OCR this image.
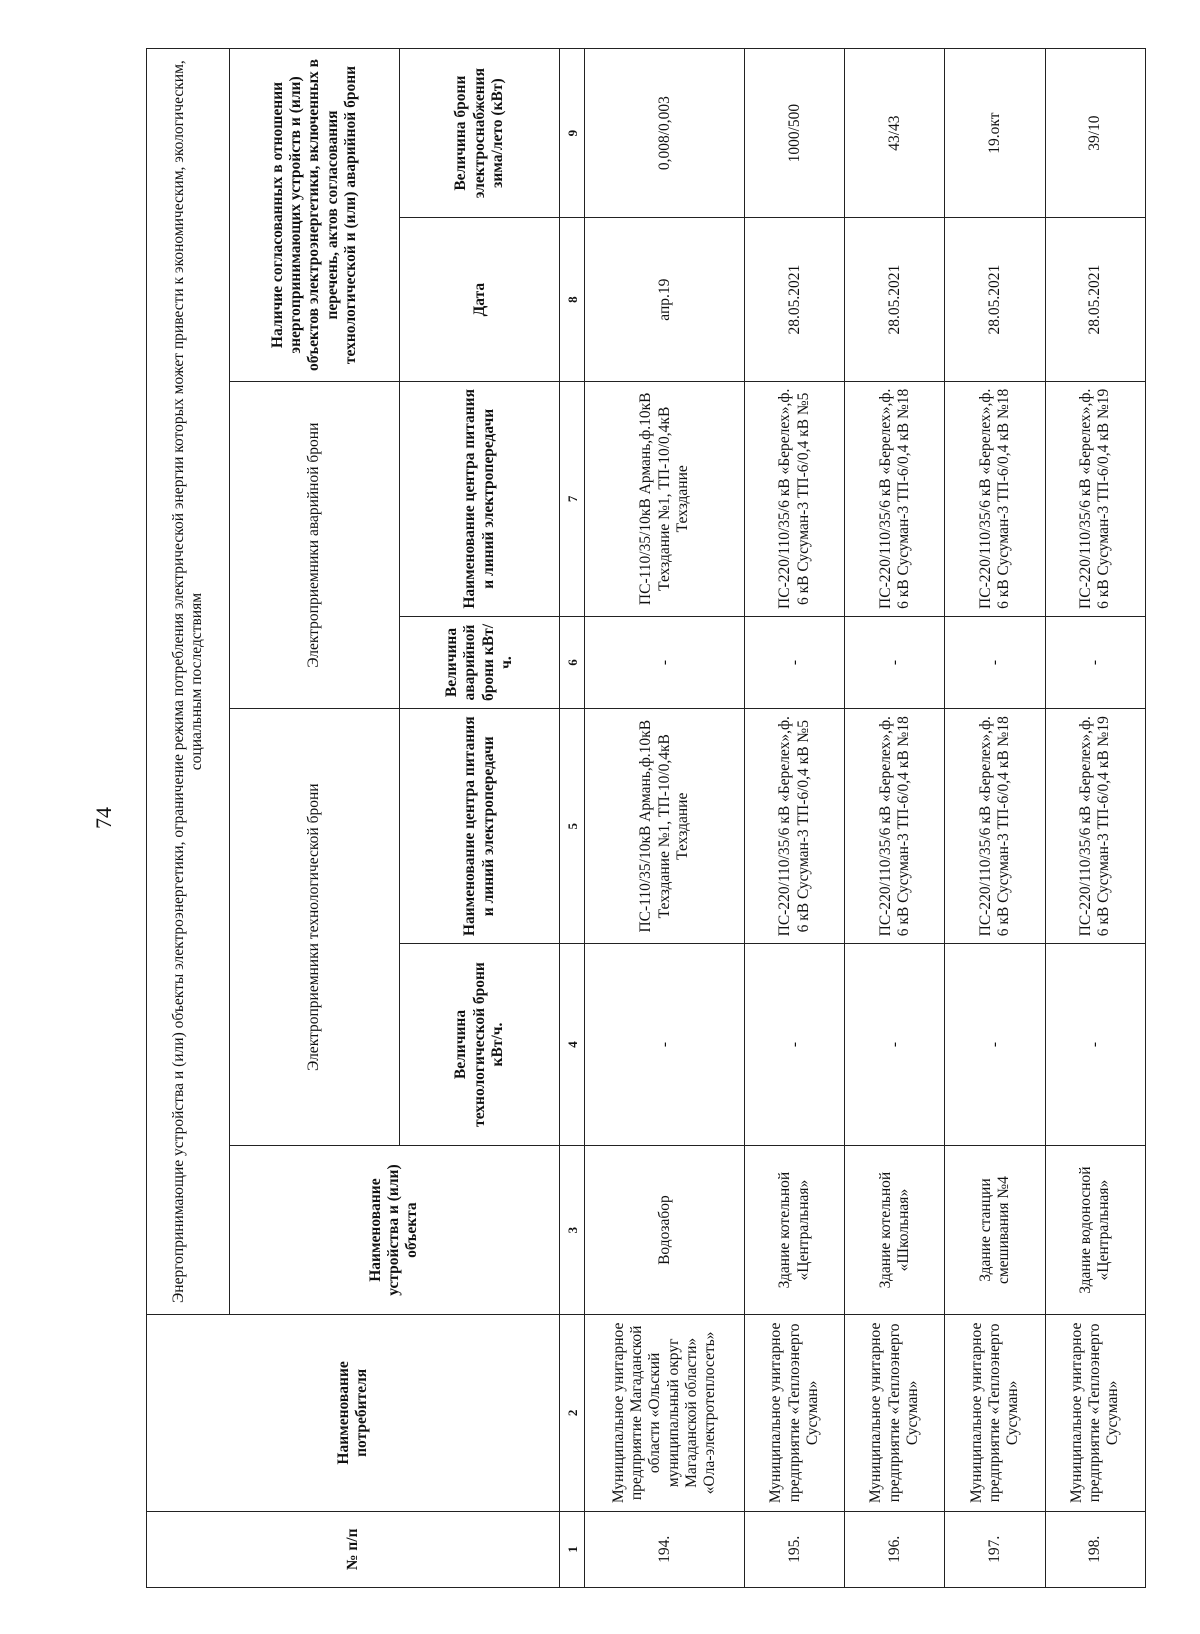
74
№ п/п	Наименование потребителя	Энергопринимающие устройства и (или) объекты электроэнергетики, ограничение режима потребления электрической энергии которых может привести к экономическим, экологическим, социальным последствиям						
		Наименование устройства и (или) объекта	Электроприемники технологической брони		Электроприемники аварийной брони		Наличие согласованных в отношении энергопринимающих устройств и (или) объектов электроэнергетики, включенных в перечень, актов согласования технологической и (или) аварийной брони	
			Величина технологической брони кВт/ч.	Наименование центра питания и линий электропередачи	Величина аварийной брони кВт/ч.	Наименование центра питания и линий электропередачи	Дата	Величина брони электроснабжения зима/лето (кВт)
1	2	3	4	5	6	7	8	9
194.	Муниципальное унитарное предприятие Магаданской области «Ольский муниципальный округ Магаданской области» «Ола-электротеплосеть»	Водозабор	-	ПС-110/35/10кВ Армань,ф.10кВ Техздание №1, ТП-10/0,4кВ Техздание	-	ПС-110/35/10кВ Армань,ф.10кВ Техздание №1, ТП-10/0,4кВ Техздание	апр.19	0,008/0,003
195.	Муниципальное унитарное предприятие «Теплоэнерго Сусуман»	Здание котельной «Центральная»	-	ПС-220/110/35/6 кВ «Берелех»,ф. 6 кВ Сусуман-3 ТП-6/0,4 кВ №5	-	ПС-220/110/35/6 кВ «Берелех»,ф. 6 кВ Сусуман-3 ТП-6/0,4 кВ №5	28.05.2021	1000/500
196.	Муниципальное унитарное предприятие «Теплоэнерго Сусуман»	Здание котельной «Школьная»	-	ПС-220/110/35/6 кВ «Берелех»,ф. 6 кВ Сусуман-3 ТП-6/0,4 кВ №18	-	ПС-220/110/35/6 кВ «Берелех»,ф. 6 кВ Сусуман-3 ТП-6/0,4 кВ №18	28.05.2021	43/43
197.	Муниципальное унитарное предприятие «Теплоэнерго Сусуман»	Здание станции смешивания №4	-	ПС-220/110/35/6 кВ «Берелех»,ф. 6 кВ Сусуман-3 ТП-6/0,4 кВ №18	-	ПС-220/110/35/6 кВ «Берелех»,ф. 6 кВ Сусуман-3 ТП-6/0,4 кВ №18	28.05.2021	19.окт
198.	Муниципальное унитарное предприятие «Теплоэнерго Сусуман»	Здание водоносной «Центральная»	-	ПС-220/110/35/6 кВ «Берелех»,ф. 6 кВ Сусуман-3 ТП-6/0,4 кВ №19	-	ПС-220/110/35/6 кВ «Берелех»,ф. 6 кВ Сусуман-3 ТП-6/0,4 кВ №19	28.05.2021	39/10
